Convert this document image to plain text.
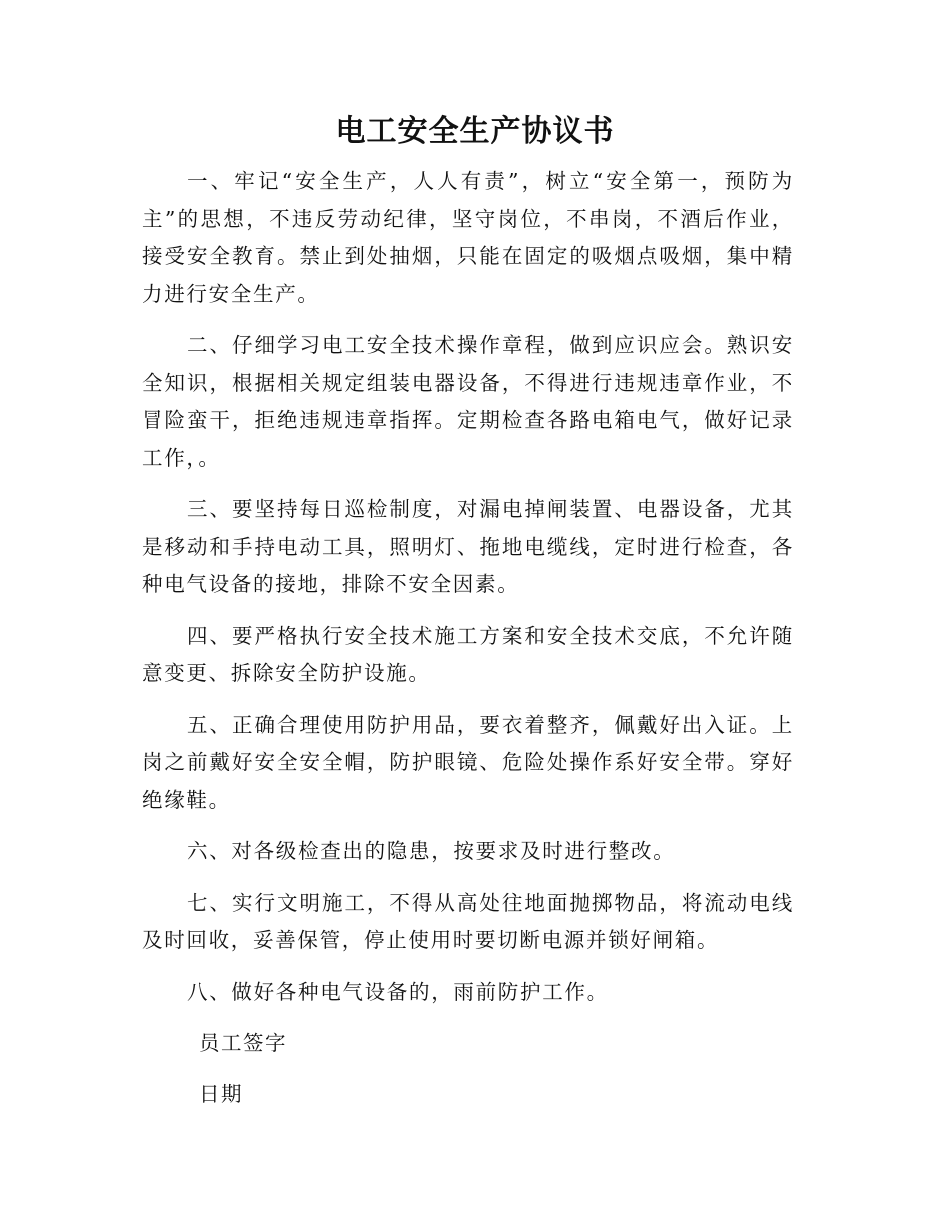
电工安全生产协议书

一、牢记“安全生产，人人有责”，树立“安全第一，预防为主”的思想，不违反劳动纪律，坚守岗位，不串岗，不酒后作业，接受安全教育。禁止到处抽烟，只能在固定的吸烟点吸烟，集中精力进行安全生产。

二、仔细学习电工安全技术操作章程，做到应识应会。熟识安全知识，根据相关规定组装电器设备，不得进行违规违章作业，不冒险蛮干，拒绝违规违章指挥。定期检查各路电箱电气，做好记录工作，。

三、要坚持每日巡检制度，对漏电掉闸装置、电器设备，尤其是移动和手持电动工具，照明灯、拖地电缆线，定时进行检查，各种电气设备的接地，排除不安全因素。

四、要严格执行安全技术施工方案和安全技术交底，不允许随意变更、拆除安全防护设施。

五、正确合理使用防护用品，要衣着整齐，佩戴好出入证。上岗之前戴好安全安全帽，防护眼镜、危险处操作系好安全带。穿好绝缘鞋。

六、对各级检查出的隐患，按要求及时进行整改。

七、实行文明施工，不得从高处往地面抛掷物品，将流动电线及时回收，妥善保管，停止使用时要切断电源并锁好闸箱。

八、做好各种电气设备的，雨前防护工作。

员工签字

日期
